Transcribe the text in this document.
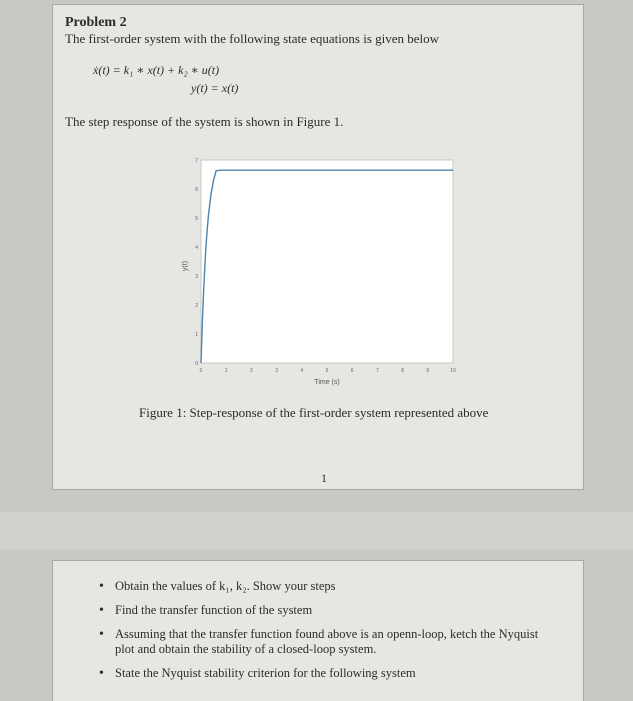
Problem 2
The first-order system with the following state equations is given below
ẋ(t) = k₁ ∗ x(t) + k₂ ∗ u(t)
y(t) = x(t)
The step response of the system is shown in Figure 1.
0
1
2
3
4
5
6
7
0	1	2	3	4	5	6	7	8	9	10
y(t)
Time (s)
Figure 1: Step-response of the first-order system represented above
1
• Obtain the values of k₁, k₂. Show your steps
• Find the transfer function of the system
• Assuming that the transfer function found above is an openn-loop, ketch the Nyquist plot and obtain the stability of a closed-loop system.
• State the Nyquist stability criterion for the following system
